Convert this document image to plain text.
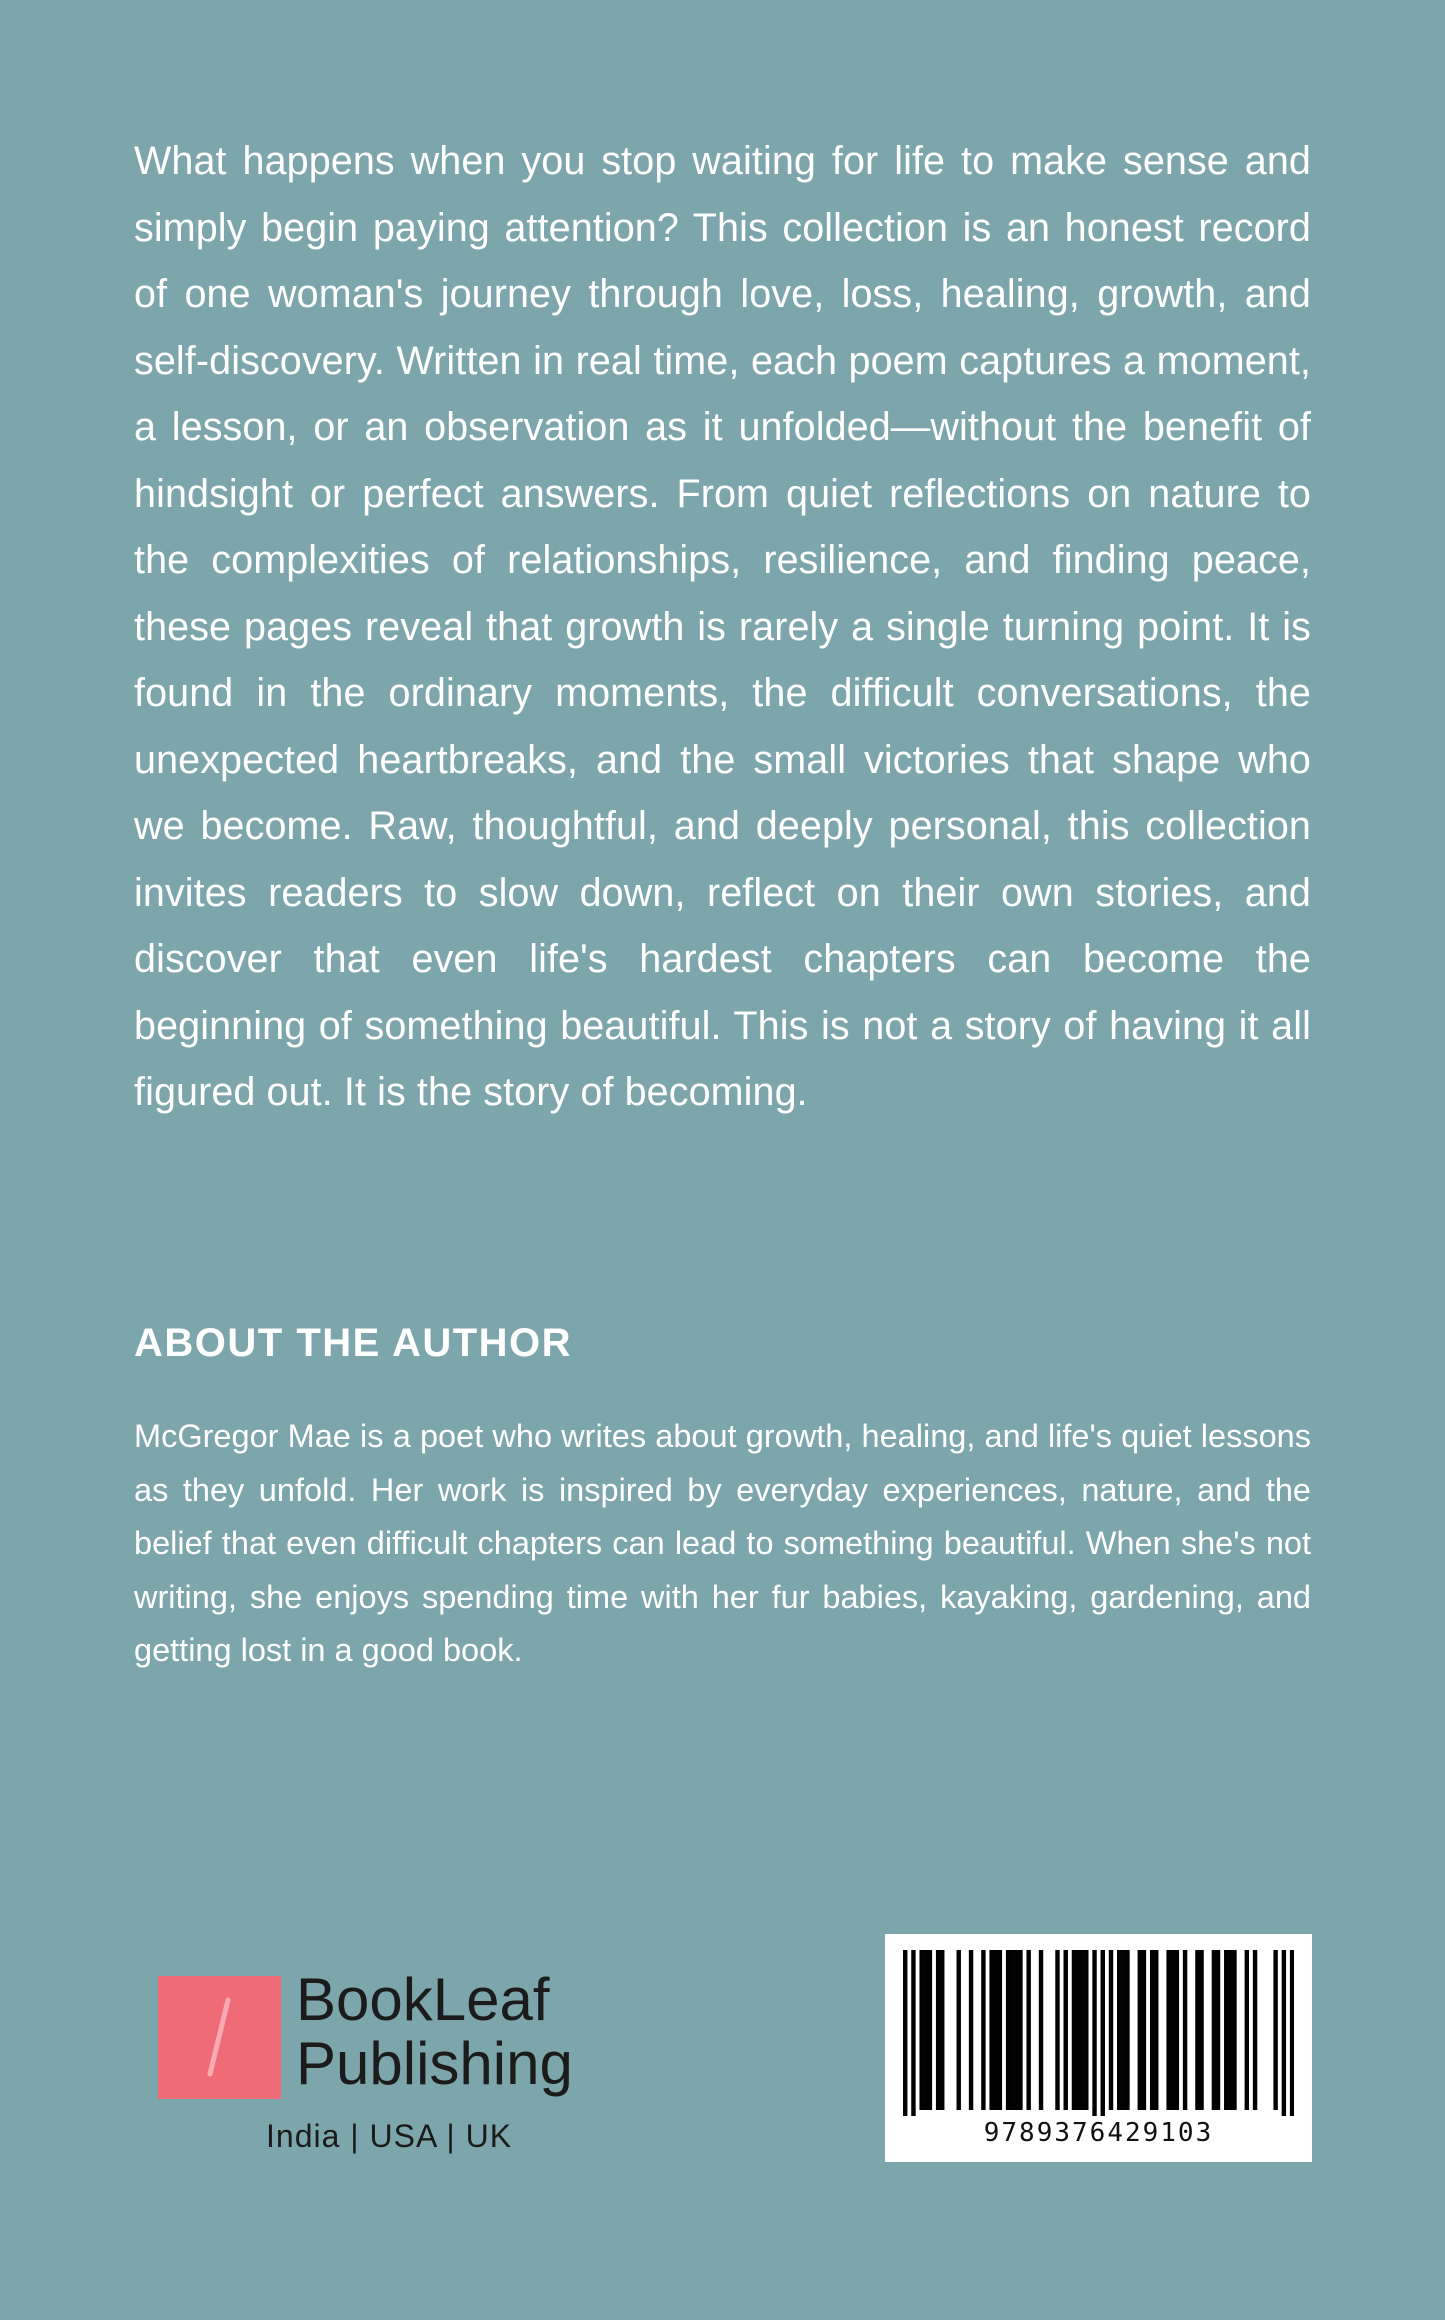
What happens when you stop waiting for life to make sense and simply begin paying attention? This collection is an honest record of one woman's journey through love, loss, healing, growth, and self-discovery. Written in real time, each poem captures a moment, a lesson, or an observation as it unfolded—without the benefit of hindsight or perfect answers. From quiet reflections on nature to the complexities of relationships, resilience, and finding peace, these pages reveal that growth is rarely a single turning point. It is found in the ordinary moments, the difficult conversations, the unexpected heartbreaks, and the small victories that shape who we become. Raw, thoughtful, and deeply personal, this collection invites readers to slow down, reflect on their own stories, and discover that even life's hardest chapters can become the beginning of something beautiful. This is not a story of having it all figured out. It is the story of becoming.

ABOUT THE AUTHOR

McGregor Mae is a poet who writes about growth, healing, and life's quiet lessons as they unfold. Her work is inspired by everyday experiences, nature, and the belief that even difficult chapters can lead to something beautiful. When she's not writing, she enjoys spending time with her fur babies, kayaking, gardening, and getting lost in a good book.

BookLeaf
Publishing
India | USA | UK	9789376429103
